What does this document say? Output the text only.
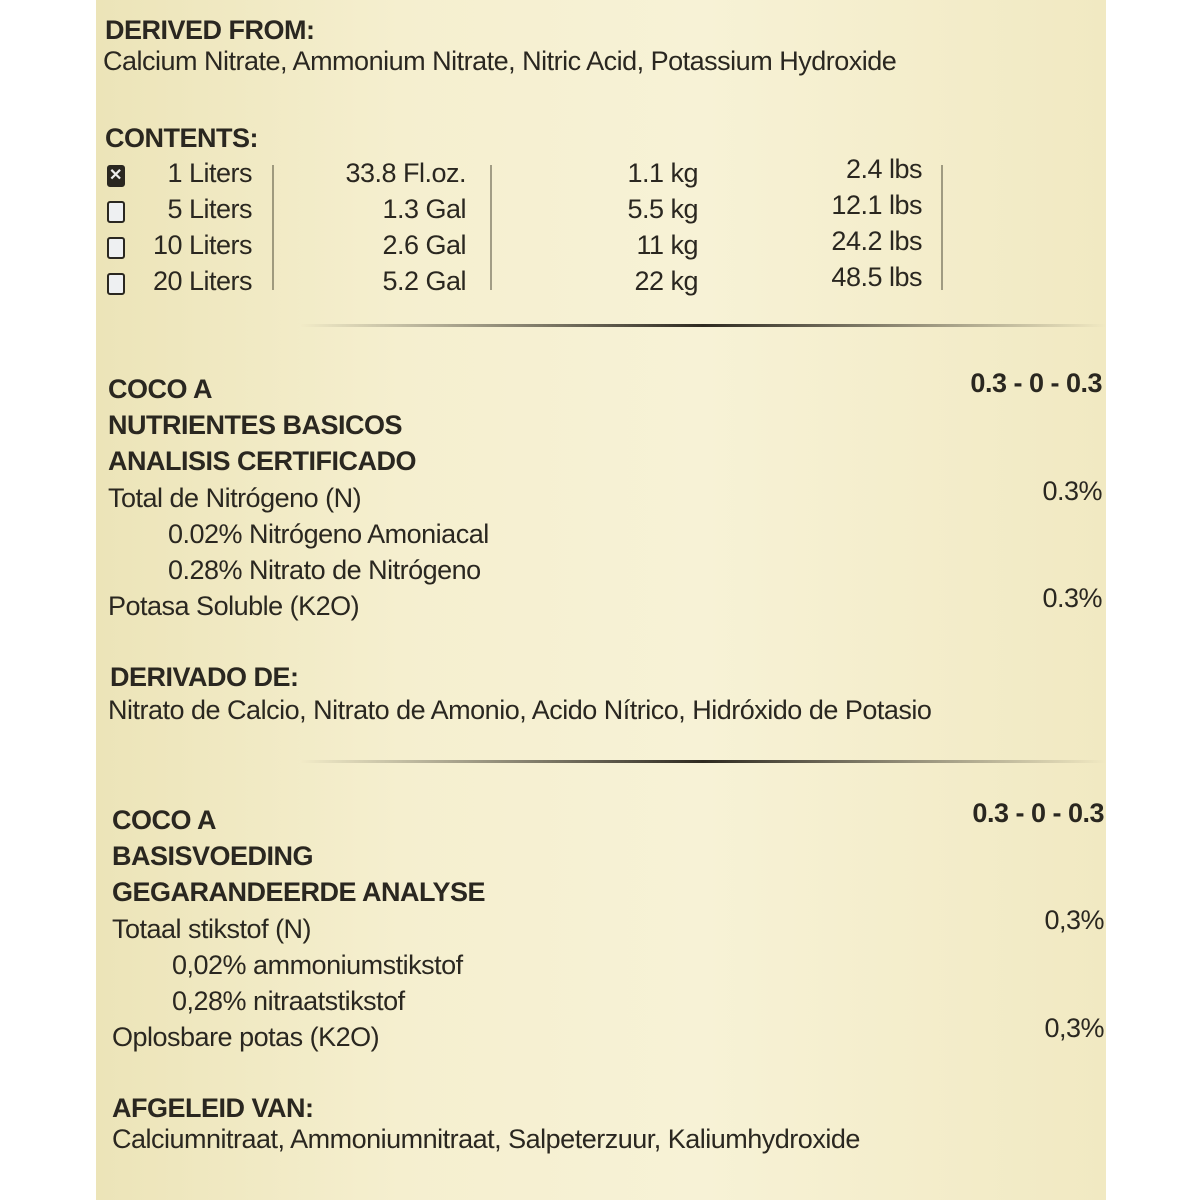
DERIVED FROM:
Calcium Nitrate, Ammonium Nitrate, Nitric Acid, Potassium Hydroxide
CONTENTS:
✕
1 Liters	33.8 Fl.oz.	1.1 kg	2.4 lbs
5 Liters	1.3 Gal	5.5 kg	12.1 lbs
10 Liters	2.6 Gal	11 kg	24.2 lbs
20 Liters	5.2 Gal	22 kg	48.5 lbs
COCO A	0.3 - 0 - 0.3
NUTRIENTES BASICOS
ANALISIS CERTIFICADO
Total de Nitrógeno (N)	0.3%
0.02% Nitrógeno Amoniacal
0.28% Nitrato de Nitrógeno
Potasa Soluble (K2O)	0.3%
DERIVADO DE:
Nitrato de Calcio, Nitrato de Amonio, Acido Nítrico, Hidróxido de Potasio
COCO A	0.3 - 0 - 0.3
BASISVOEDING
GEGARANDEERDE ANALYSE
Totaal stikstof (N)	0,3%
0,02% ammoniumstikstof
0,28% nitraatstikstof
Oplosbare potas (K2O)	0,3%
AFGELEID VAN:
Calciumnitraat, Ammoniumnitraat, Salpeterzuur, Kaliumhydroxide
